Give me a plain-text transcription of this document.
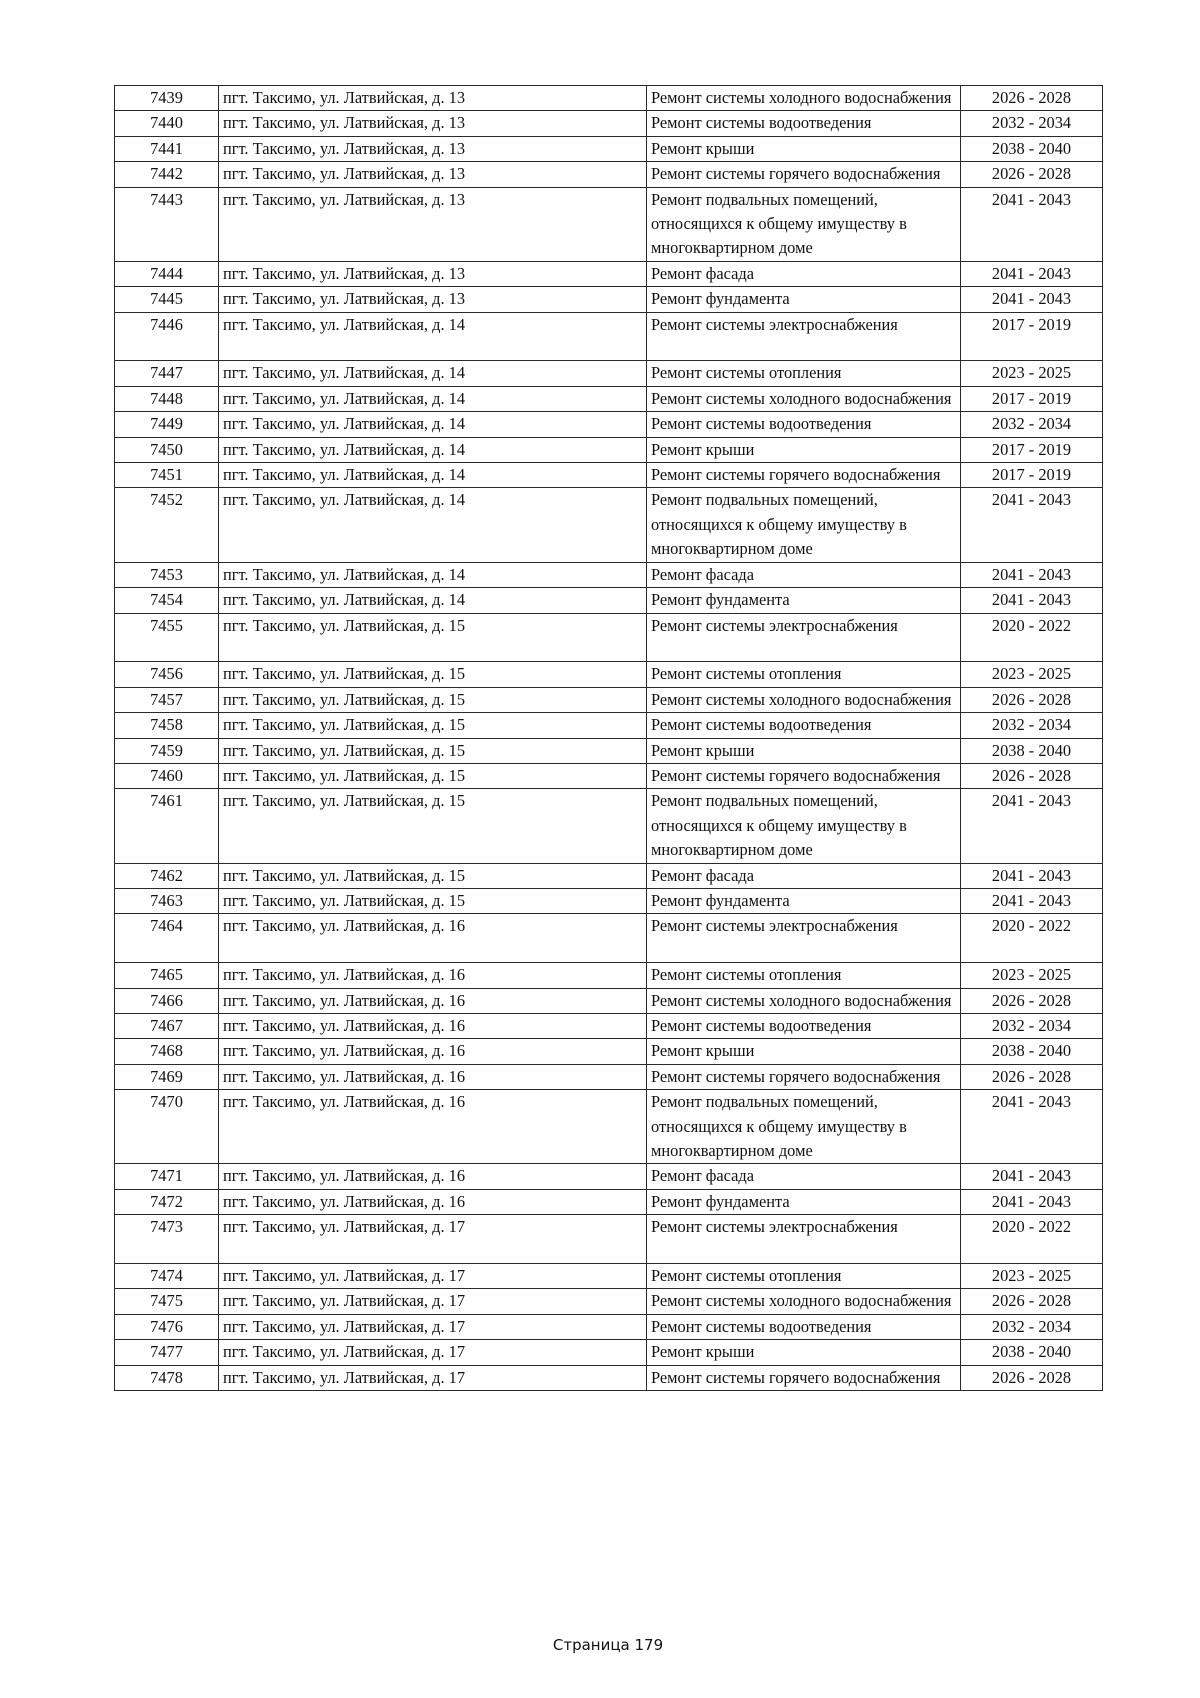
7439	пгт. Таксимо, ул. Латвийская, д. 13	Ремонт системы холодного водоснабжения	2026 - 2028
7440	пгт. Таксимо, ул. Латвийская, д. 13	Ремонт системы водоотведения	2032 - 2034
7441	пгт. Таксимо, ул. Латвийская, д. 13	Ремонт крыши	2038 - 2040
7442	пгт. Таксимо, ул. Латвийская, д. 13	Ремонт системы горячего водоснабжения	2026 - 2028
7443	пгт. Таксимо, ул. Латвийская, д. 13	Ремонт подвальных помещений, относящихся к общему имуществу в многоквартирном доме	2041 - 2043
7444	пгт. Таксимо, ул. Латвийская, д. 13	Ремонт фасада	2041 - 2043
7445	пгт. Таксимо, ул. Латвийская, д. 13	Ремонт фундамента	2041 - 2043
7446	пгт. Таксимо, ул. Латвийская, д. 14	Ремонт системы электроснабжения	2017 - 2019
7447	пгт. Таксимо, ул. Латвийская, д. 14	Ремонт системы отопления	2023 - 2025
7448	пгт. Таксимо, ул. Латвийская, д. 14	Ремонт системы холодного водоснабжения	2017 - 2019
7449	пгт. Таксимо, ул. Латвийская, д. 14	Ремонт системы водоотведения	2032 - 2034
7450	пгт. Таксимо, ул. Латвийская, д. 14	Ремонт крыши	2017 - 2019
7451	пгт. Таксимо, ул. Латвийская, д. 14	Ремонт системы горячего водоснабжения	2017 - 2019
7452	пгт. Таксимо, ул. Латвийская, д. 14	Ремонт подвальных помещений, относящихся к общему имуществу в многоквартирном доме	2041 - 2043
7453	пгт. Таксимо, ул. Латвийская, д. 14	Ремонт фасада	2041 - 2043
7454	пгт. Таксимо, ул. Латвийская, д. 14	Ремонт фундамента	2041 - 2043
7455	пгт. Таксимо, ул. Латвийская, д. 15	Ремонт системы электроснабжения	2020 - 2022
7456	пгт. Таксимо, ул. Латвийская, д. 15	Ремонт системы отопления	2023 - 2025
7457	пгт. Таксимо, ул. Латвийская, д. 15	Ремонт системы холодного водоснабжения	2026 - 2028
7458	пгт. Таксимо, ул. Латвийская, д. 15	Ремонт системы водоотведения	2032 - 2034
7459	пгт. Таксимо, ул. Латвийская, д. 15	Ремонт крыши	2038 - 2040
7460	пгт. Таксимо, ул. Латвийская, д. 15	Ремонт системы горячего водоснабжения	2026 - 2028
7461	пгт. Таксимо, ул. Латвийская, д. 15	Ремонт подвальных помещений, относящихся к общему имуществу в многоквартирном доме	2041 - 2043
7462	пгт. Таксимо, ул. Латвийская, д. 15	Ремонт фасада	2041 - 2043
7463	пгт. Таксимо, ул. Латвийская, д. 15	Ремонт фундамента	2041 - 2043
7464	пгт. Таксимо, ул. Латвийская, д. 16	Ремонт системы электроснабжения	2020 - 2022
7465	пгт. Таксимо, ул. Латвийская, д. 16	Ремонт системы отопления	2023 - 2025
7466	пгт. Таксимо, ул. Латвийская, д. 16	Ремонт системы холодного водоснабжения	2026 - 2028
7467	пгт. Таксимо, ул. Латвийская, д. 16	Ремонт системы водоотведения	2032 - 2034
7468	пгт. Таксимо, ул. Латвийская, д. 16	Ремонт крыши	2038 - 2040
7469	пгт. Таксимо, ул. Латвийская, д. 16	Ремонт системы горячего водоснабжения	2026 - 2028
7470	пгт. Таксимо, ул. Латвийская, д. 16	Ремонт подвальных помещений, относящихся к общему имуществу в многоквартирном доме	2041 - 2043
7471	пгт. Таксимо, ул. Латвийская, д. 16	Ремонт фасада	2041 - 2043
7472	пгт. Таксимо, ул. Латвийская, д. 16	Ремонт фундамента	2041 - 2043
7473	пгт. Таксимо, ул. Латвийская, д. 17	Ремонт системы электроснабжения	2020 - 2022
7474	пгт. Таксимо, ул. Латвийская, д. 17	Ремонт системы отопления	2023 - 2025
7475	пгт. Таксимо, ул. Латвийская, д. 17	Ремонт системы холодного водоснабжения	2026 - 2028
7476	пгт. Таксимо, ул. Латвийская, д. 17	Ремонт системы водоотведения	2032 - 2034
7477	пгт. Таксимо, ул. Латвийская, д. 17	Ремонт крыши	2038 - 2040
7478	пгт. Таксимо, ул. Латвийская, д. 17	Ремонт системы горячего водоснабжения	2026 - 2028
Страница 179
